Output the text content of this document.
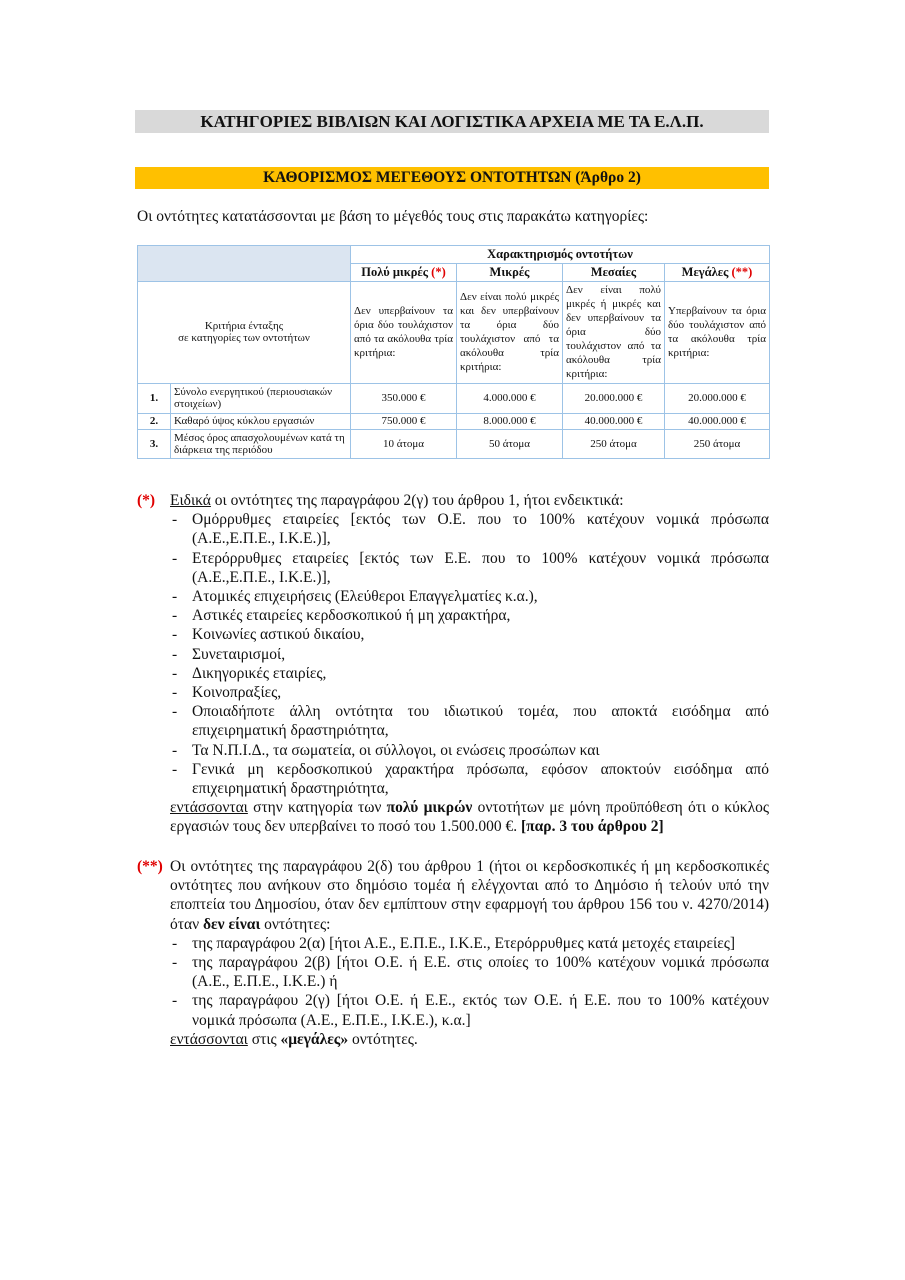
ΚΑΤΗΓΟΡΙΕΣ ΒΙΒΛΙΩΝ ΚΑΙ ΛΟΓΙΣΤΙΚΑ ΑΡΧΕΙΑ ΜΕ ΤΑ Ε.Λ.Π.
ΚΑΘΟΡΙΣΜΟΣ ΜΕΓΕΘΟΥΣ ΟΝΤΟΤΗΤΩΝ (Άρθρο 2)
Οι οντότητες κατατάσσονται με βάση το μέγεθός τους στις παρακάτω κατηγορίες:
		Χαρακτηρισμός οντοτήτων			
		Πολύ μικρές (*)	Μικρές	Μεσαίες	Μεγάλες (**)

Κριτήρια ένταξης
σε κατηγορίες των οντοτήτων		Δεν υπερβαίνουν τα όρια δύο τουλάχιστον από τα ακόλουθα τρία κριτήρια:	Δεν είναι πολύ μικρές και δεν υπερβαίνουν τα όρια δύο τουλάχιστον από τα ακόλουθα τρία κριτήρια:	Δεν είναι πολύ μικρές ή μικρές και δεν υπερβαίνουν τα όρια δύο τουλάχιστον από τα ακόλουθα τρία κριτήρια:	Υπερβαίνουν τα όρια δύο τουλάχιστον από τα ακόλουθα τρία κριτήρια:
1.	Σύνολο ενεργητικού (περιουσιακών στοιχείων)	350.000 €	4.000.000 €	20.000.000 €	20.000.000 €
2.	Καθαρό ύψος κύκλου εργασιών	750.000 €	8.000.000 €	40.000.000 €	40.000.000 €
3.	Μέσος όρος απασχολουμένων κατά τη διάρκεια της περιόδου	10 άτομα	50 άτομα	250 άτομα	250 άτομα
(*) Ειδικά οι οντότητες της παραγράφου 2(γ) του άρθρου 1, ήτοι ενδεικτικά:
- Ομόρρυθμες εταιρείες [εκτός των Ο.Ε. που το 100% κατέχουν νομικά πρόσωπα (Α.Ε.,Ε.Π.Ε., Ι.Κ.Ε.)],
- Ετερόρρυθμες εταιρείες [εκτός των Ε.Ε. που το 100% κατέχουν νομικά πρόσωπα (Α.Ε.,Ε.Π.Ε., Ι.Κ.Ε.)],
- Ατομικές επιχειρήσεις (Ελεύθεροι Επαγγελματίες κ.α.),
- Αστικές εταιρείες κερδοσκοπικού ή μη χαρακτήρα,
- Κοινωνίες αστικού δικαίου,
- Συνεταιρισμοί,
- Δικηγορικές εταιρίες,
- Κοινοπραξίες,
- Οποιαδήποτε άλλη οντότητα του ιδιωτικού τομέα, που αποκτά εισόδημα από επιχειρηματική δραστηριότητα,
- Τα Ν.Π.Ι.Δ., τα σωματεία, οι σύλλογοι, οι ενώσεις προσώπων και
- Γενικά μη κερδοσκοπικού χαρακτήρα πρόσωπα, εφόσον αποκτούν εισόδημα από επιχειρηματική δραστηριότητα,
εντάσσονται στην κατηγορία των πολύ μικρών οντοτήτων με μόνη προϋπόθεση ότι ο κύκλος εργασιών τους δεν υπερβαίνει το ποσό του 1.500.000 €. [παρ. 3 του άρθρου 2]
(**) Οι οντότητες της παραγράφου 2(δ) του άρθρου 1 (ήτοι οι κερδοσκοπικές ή μη κερδοσκοπικές οντότητες που ανήκουν στο δημόσιο τομέα ή ελέγχονται από το Δημόσιο ή τελούν υπό την εποπτεία του Δημοσίου, όταν δεν εμπίπτουν στην εφαρμογή του άρθρου 156 του ν. 4270/2014) όταν δεν είναι οντότητες:
- της παραγράφου 2(α) [ήτοι Α.Ε., Ε.Π.Ε., Ι.Κ.Ε., Ετερόρρυθμες κατά μετοχές εταιρείες]
- της παραγράφου 2(β) [ήτοι Ο.Ε. ή Ε.Ε. στις οποίες το 100% κατέχουν νομικά πρόσωπα (Α.Ε., Ε.Π.Ε., Ι.Κ.Ε.) ή
- της παραγράφου 2(γ) [ήτοι Ο.Ε. ή Ε.Ε., εκτός των Ο.Ε. ή Ε.Ε. που το 100% κατέχουν νομικά πρόσωπα (Α.Ε., Ε.Π.Ε., Ι.Κ.Ε.), κ.α.]
εντάσσονται στις «μεγάλες» οντότητες.
